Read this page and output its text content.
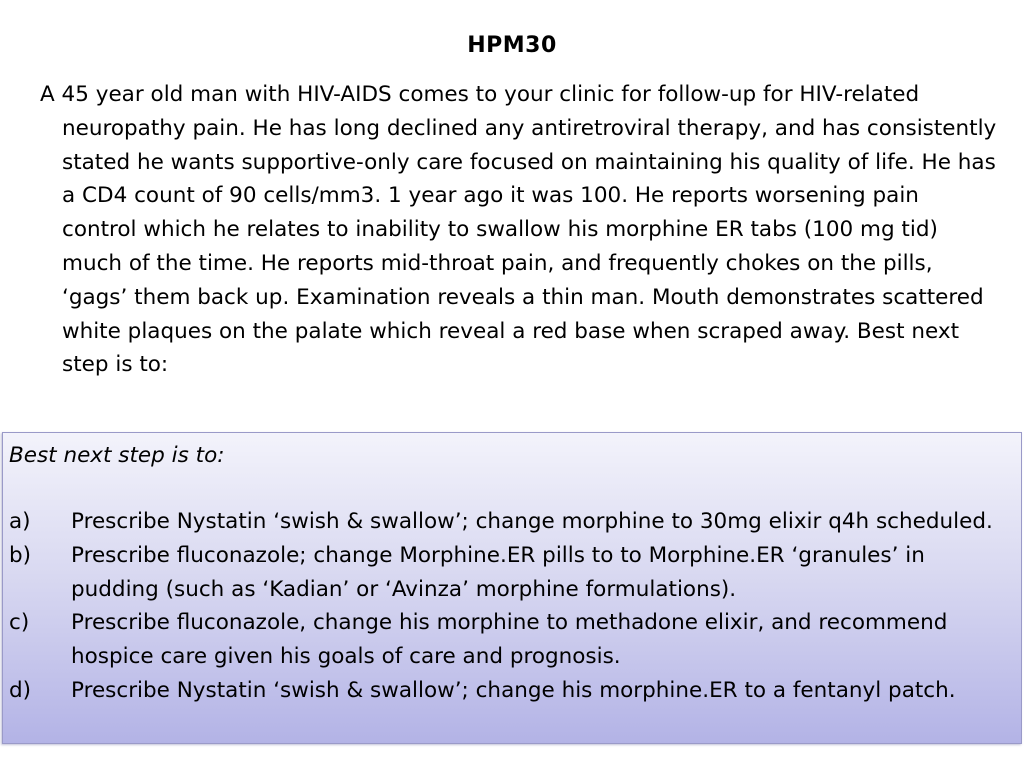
HPM30
A 45 year old man with HIV-AIDS comes to your clinic for follow-up for HIV-related neuropathy pain. He has long declined any antiretroviral therapy, and has consistently stated he wants supportive-only care focused on maintaining his quality of life. He has a CD4 count of 90 cells/mm3. 1 year ago it was 100. He reports worsening pain control which he relates to inability to swallow his morphine ER tabs (100 mg tid) much of the time. He reports mid-throat pain, and frequently chokes on the pills, ‘gags’ them back up. Examination reveals a thin man. Mouth demonstrates scattered white plaques on the palate which reveal a red base when scraped away. Best next step is to:
Best next step is to:
a) Prescribe Nystatin ‘swish & swallow’; change morphine to 30mg elixir q4h scheduled.
b) Prescribe fluconazole; change Morphine.ER pills to to Morphine.ER ‘granules’ in pudding (such as ‘Kadian’ or ‘Avinza’ morphine formulations).
c) Prescribe fluconazole, change his morphine to methadone elixir, and recommend hospice care given his goals of care and prognosis.
d) Prescribe Nystatin ‘swish & swallow’; change his morphine.ER to a fentanyl patch.
